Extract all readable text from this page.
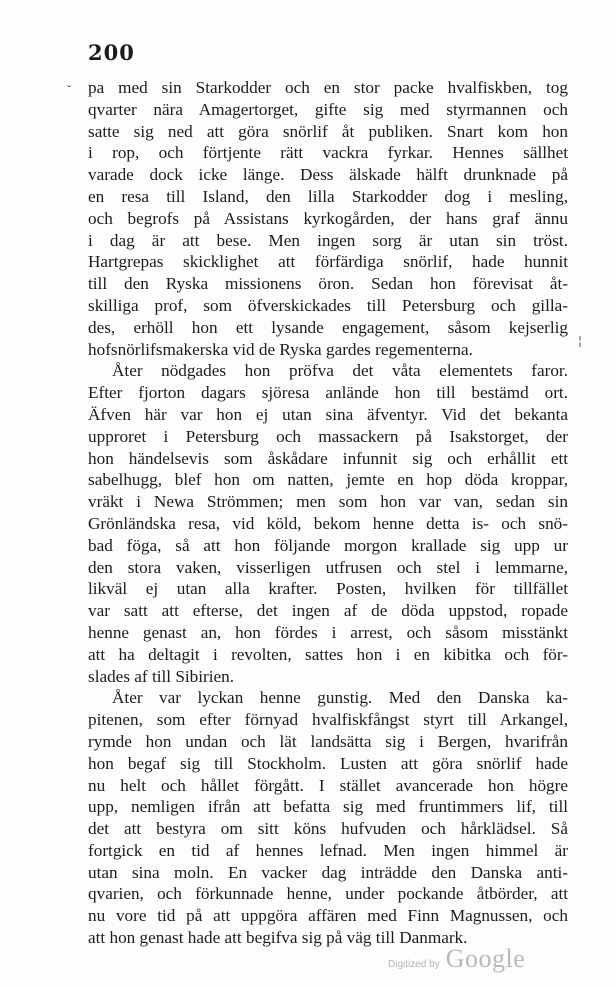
200
˘
¦
pa med sin Starkodder och en stor packe hvalfiskben, tog
qvarter nära Amagertorget, gifte sig med styrmannen och
satte sig ned att göra snörlif åt publiken. Snart kom hon
i rop, och förtjente rätt vackra fyrkar. Hennes sällhet
varade dock icke länge. Dess älskade hälft drunknade på
en resa till Island, den lilla Starkodder dog i mesling,
och begrofs på Assistans kyrkogården, der hans graf ännu
i dag är att bese. Men ingen sorg är utan sin tröst.
Hartgrepas skicklighet att förfärdiga snörlif, hade hunnit
till den Ryska missionens öron. Sedan hon förevisat åt-
skilliga prof, som öfverskickades till Petersburg och gilla-
des, erhöll hon ett lysande engagement, såsom kejserlig
hofsnörlifsmakerska vid de Ryska gardes regementerna.
Åter nödgades hon pröfva det våta elementets faror.
Efter fjorton dagars sjöresa anlände hon till bestämd ort.
Äfven här var hon ej utan sina äfventyr. Vid det bekanta
upproret i Petersburg och massackern på Isakstorget, der
hon händelsevis som åskådare infunnit sig och erhållit ett
sabelhugg, blef hon om natten, jemte en hop döda kroppar,
vräkt i Newa Strömmen; men som hon var van, sedan sin
Grönländska resa, vid köld, bekom henne detta is- och snö-
bad föga, så att hon följande morgon krallade sig upp ur
den stora vaken, visserligen utfrusen och stel i lemmarne,
likväl ej utan alla krafter. Posten, hvilken för tillfället
var satt att efterse, det ingen af de döda uppstod, ropade
henne genast an, hon fördes i arrest, och såsom misstänkt
att ha deltagit i revolten, sattes hon i en kibitka och för-
slades af till Sibirien.
Åter var lyckan henne gunstig. Med den Danska ka-
pitenen, som efter förnyad hvalfiskfångst styrt till Arkangel,
rymde hon undan och lät landsätta sig i Bergen, hvarifrån
hon begaf sig till Stockholm. Lusten att göra snörlif hade
nu helt och hållet förgått. I stället avancerade hon högre
upp, nemligen ifrån att befatta sig med fruntimmers lif, till
det att bestyra om sitt köns hufvuden och hårklädsel. Så
fortgick en tid af hennes lefnad. Men ingen himmel är
utan sina moln. En vacker dag inträdde den Danska anti-
qvarien, och förkunnade henne, under pockande åtbörder, att
nu vore tid på att uppgöra affären med Finn Magnussen, och
att hon genast hade att begifva sig på väg till Danmark.
Digitized by Google
